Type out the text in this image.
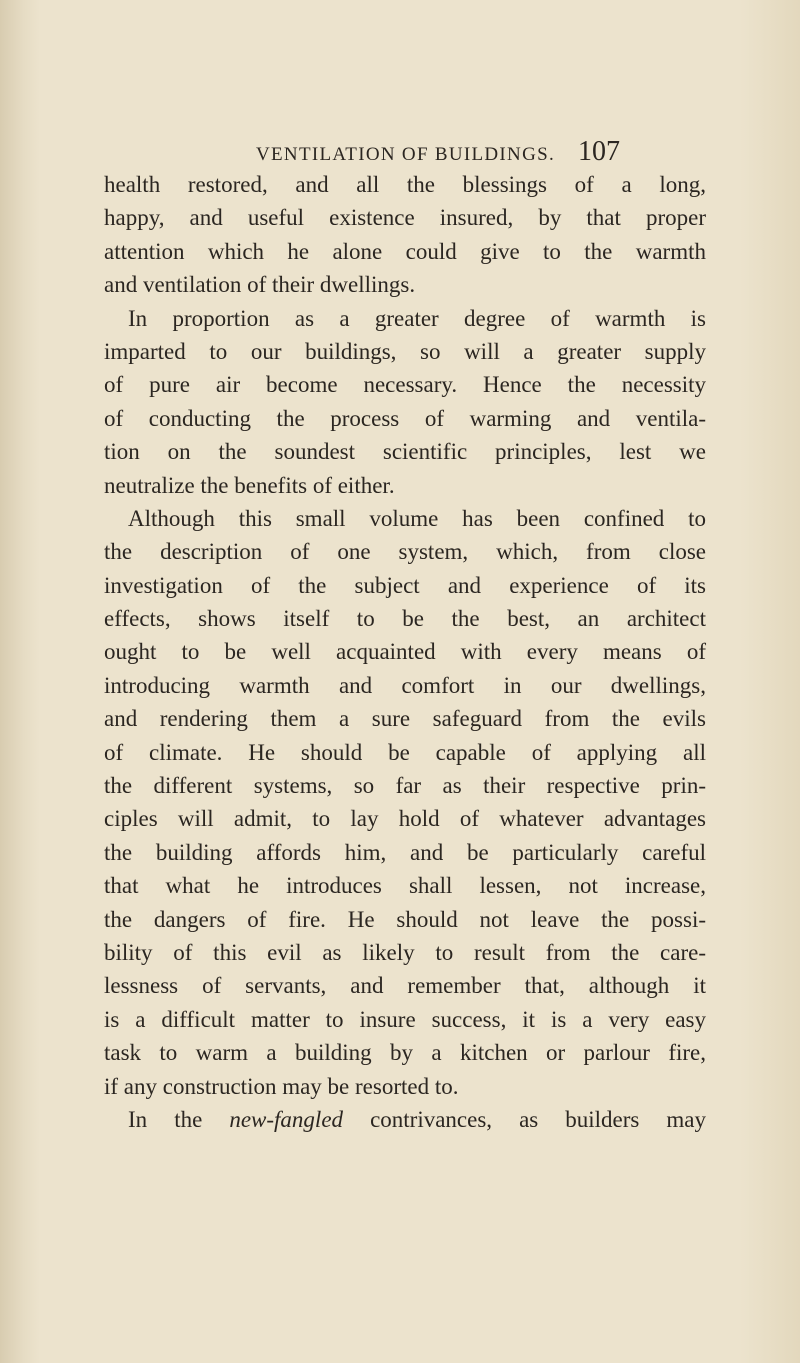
VENTILATION OF BUILDINGS. 107
health restored, and all the blessings of a long,
happy, and useful existence insured, by that proper
attention which he alone could give to the warmth
and ventilation of their dwellings.
In proportion as a greater degree of warmth is
imparted to our buildings, so will a greater supply
of pure air become necessary. Hence the necessity
of conducting the process of warming and ventila-
tion on the soundest scientific principles, lest we
neutralize the benefits of either.
Although this small volume has been confined to
the description of one system, which, from close
investigation of the subject and experience of its
effects, shows itself to be the best, an architect
ought to be well acquainted with every means of
introducing warmth and comfort in our dwellings,
and rendering them a sure safeguard from the evils
of climate. He should be capable of applying all
the different systems, so far as their respective prin-
ciples will admit, to lay hold of whatever advantages
the building affords him, and be particularly careful
that what he introduces shall lessen, not increase,
the dangers of fire. He should not leave the possi-
bility of this evil as likely to result from the care-
lessness of servants, and remember that, although it
is a difficult matter to insure success, it is a very easy
task to warm a building by a kitchen or parlour fire,
if any construction may be resorted to.
In the new-fangled contrivances, as builders may
